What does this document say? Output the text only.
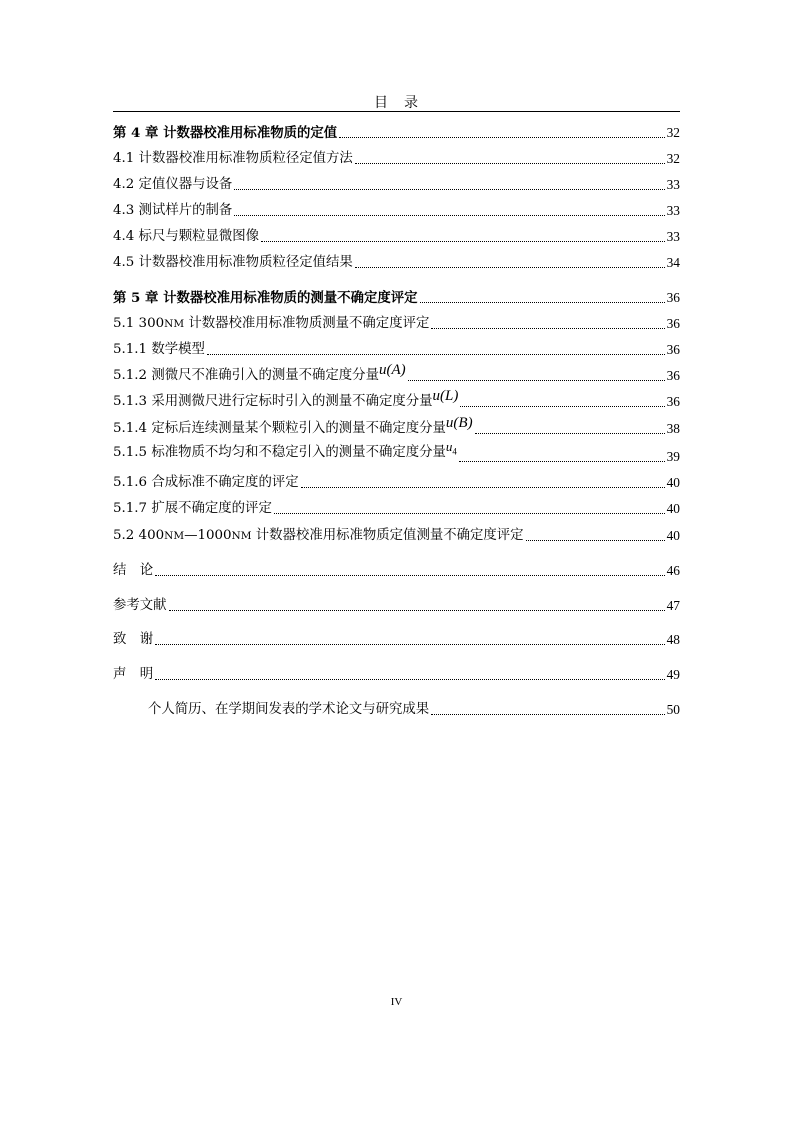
目　录
第 4 章 计数器校准用标准物质的定值	32
4.1 计数器校准用标准物质粒径定值方法	32
4.2 定值仪器与设备	33
4.3 测试样片的制备	33
4.4 标尺与颗粒显微图像	33
4.5 计数器校准用标准物质粒径定值结果	34
第 5 章 计数器校准用标准物质的测量不确定度评定	36
5.1 300NM 计数器校准用标准物质测量不确定度评定	36
5.1.1 数学模型	36
5.1.2 测微尺不准确引入的测量不确定度分量u(A)	36
5.1.3 采用测微尺进行定标时引入的测量不确定度分量u(L)	36
5.1.4 定标后连续测量某个颗粒引入的测量不确定度分量u(B)	38
5.1.5 标准物质不均匀和不稳定引入的测量不确定度分量$u_4$	39
5.1.6 合成标准不确定度的评定	40
5.1.7 扩展不确定度的评定	40
5.2 400NM—1000NM 计数器校准用标准物质定值测量不确定度评定	40
结　论	46
参考文献	47
致　谢	48
声　明	49
个人简历、在学期间发表的学术论文与研究成果	50
IV
